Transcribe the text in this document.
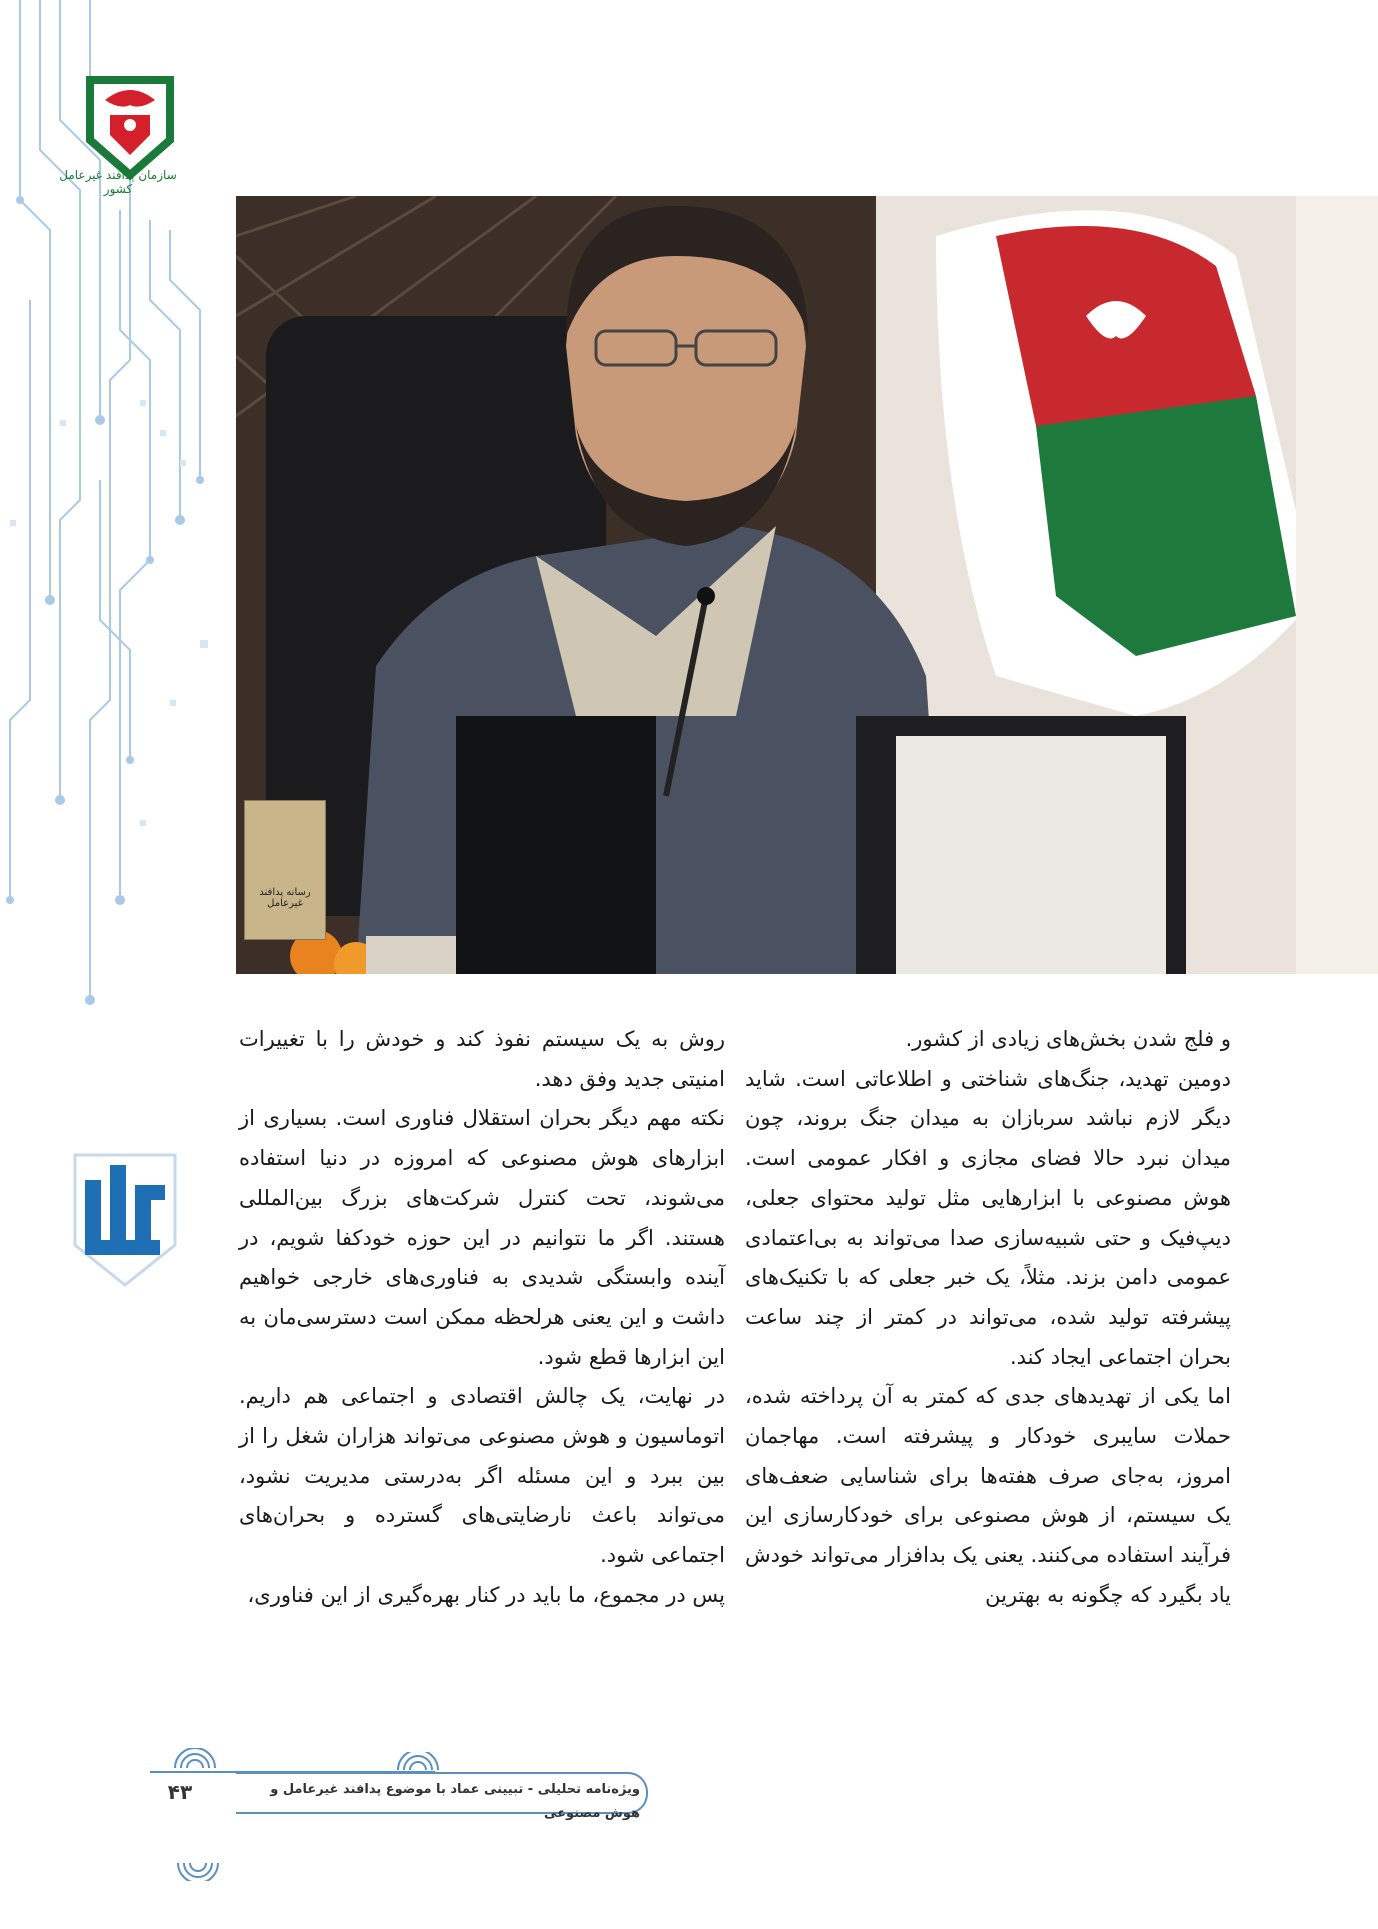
سازمان پدافند غیرعامل کشور
رسانه پدافند غیرعامل

و فلج شدن بخش‌های زیادی از کشور.

دومین تهدید، جنگ‌های شناختی و اطلاعاتی است. شاید دیگر لازم نباشد سربازان به میدان جنگ بروند، چون میدان نبرد حالا فضای مجازی و افکار عمومی است. هوش مصنوعی با ابزارهایی مثل تولید محتوای جعلی، دیپ‌فیک و حتی شبیه‌سازی صدا می‌تواند به بی‌اعتمادی عمومی دامن بزند. مثلاً، یک خبر جعلی که با تکنیک‌های پیشرفته تولید شده، می‌تواند در کمتر از چند ساعت بحران اجتماعی ایجاد کند.

اما یکی از تهدیدهای جدی که کمتر به آن پرداخته شده، حملات سایبری خودکار و پیشرفته است. مهاجمان امروز، به‌جای صرف هفته‌ها برای شناسایی ضعف‌های یک سیستم، از هوش مصنوعی برای خودکارسازی این فرآیند استفاده می‌کنند. یعنی یک بدافزار می‌تواند خودش یاد بگیرد که چگونه به بهترین

روش به یک سیستم نفوذ کند و خودش را با تغییرات امنیتی جدید وفق دهد.

نکته مهم دیگر بحران استقلال فناوری است. بسیاری از ابزارهای هوش مصنوعی که امروزه در دنیا استفاده می‌شوند، تحت کنترل شرکت‌های بزرگ بین‌المللی هستند. اگر ما نتوانیم در این حوزه خودکفا شویم، در آینده وابستگی شدیدی به فناوری‌های خارجی خواهیم داشت و این یعنی هرلحظه ممکن است دسترسی‌مان به این ابزارها قطع شود.

در نهایت، یک چالش اقتصادی و اجتماعی هم داریم. اتوماسیون و هوش مصنوعی می‌تواند هزاران شغل را از بین ببرد و این مسئله اگر به‌درستی مدیریت نشود، می‌تواند باعث نارضایتی‌های گسترده و بحران‌های اجتماعی شود.

پس در مجموع، ما باید در کنار بهره‌گیری از این فناوری،

ویژه‌نامه تحلیلی - تبیینی عماد با موضوع پدافند غیرعامل و هوش مصنوعی
۴۳
